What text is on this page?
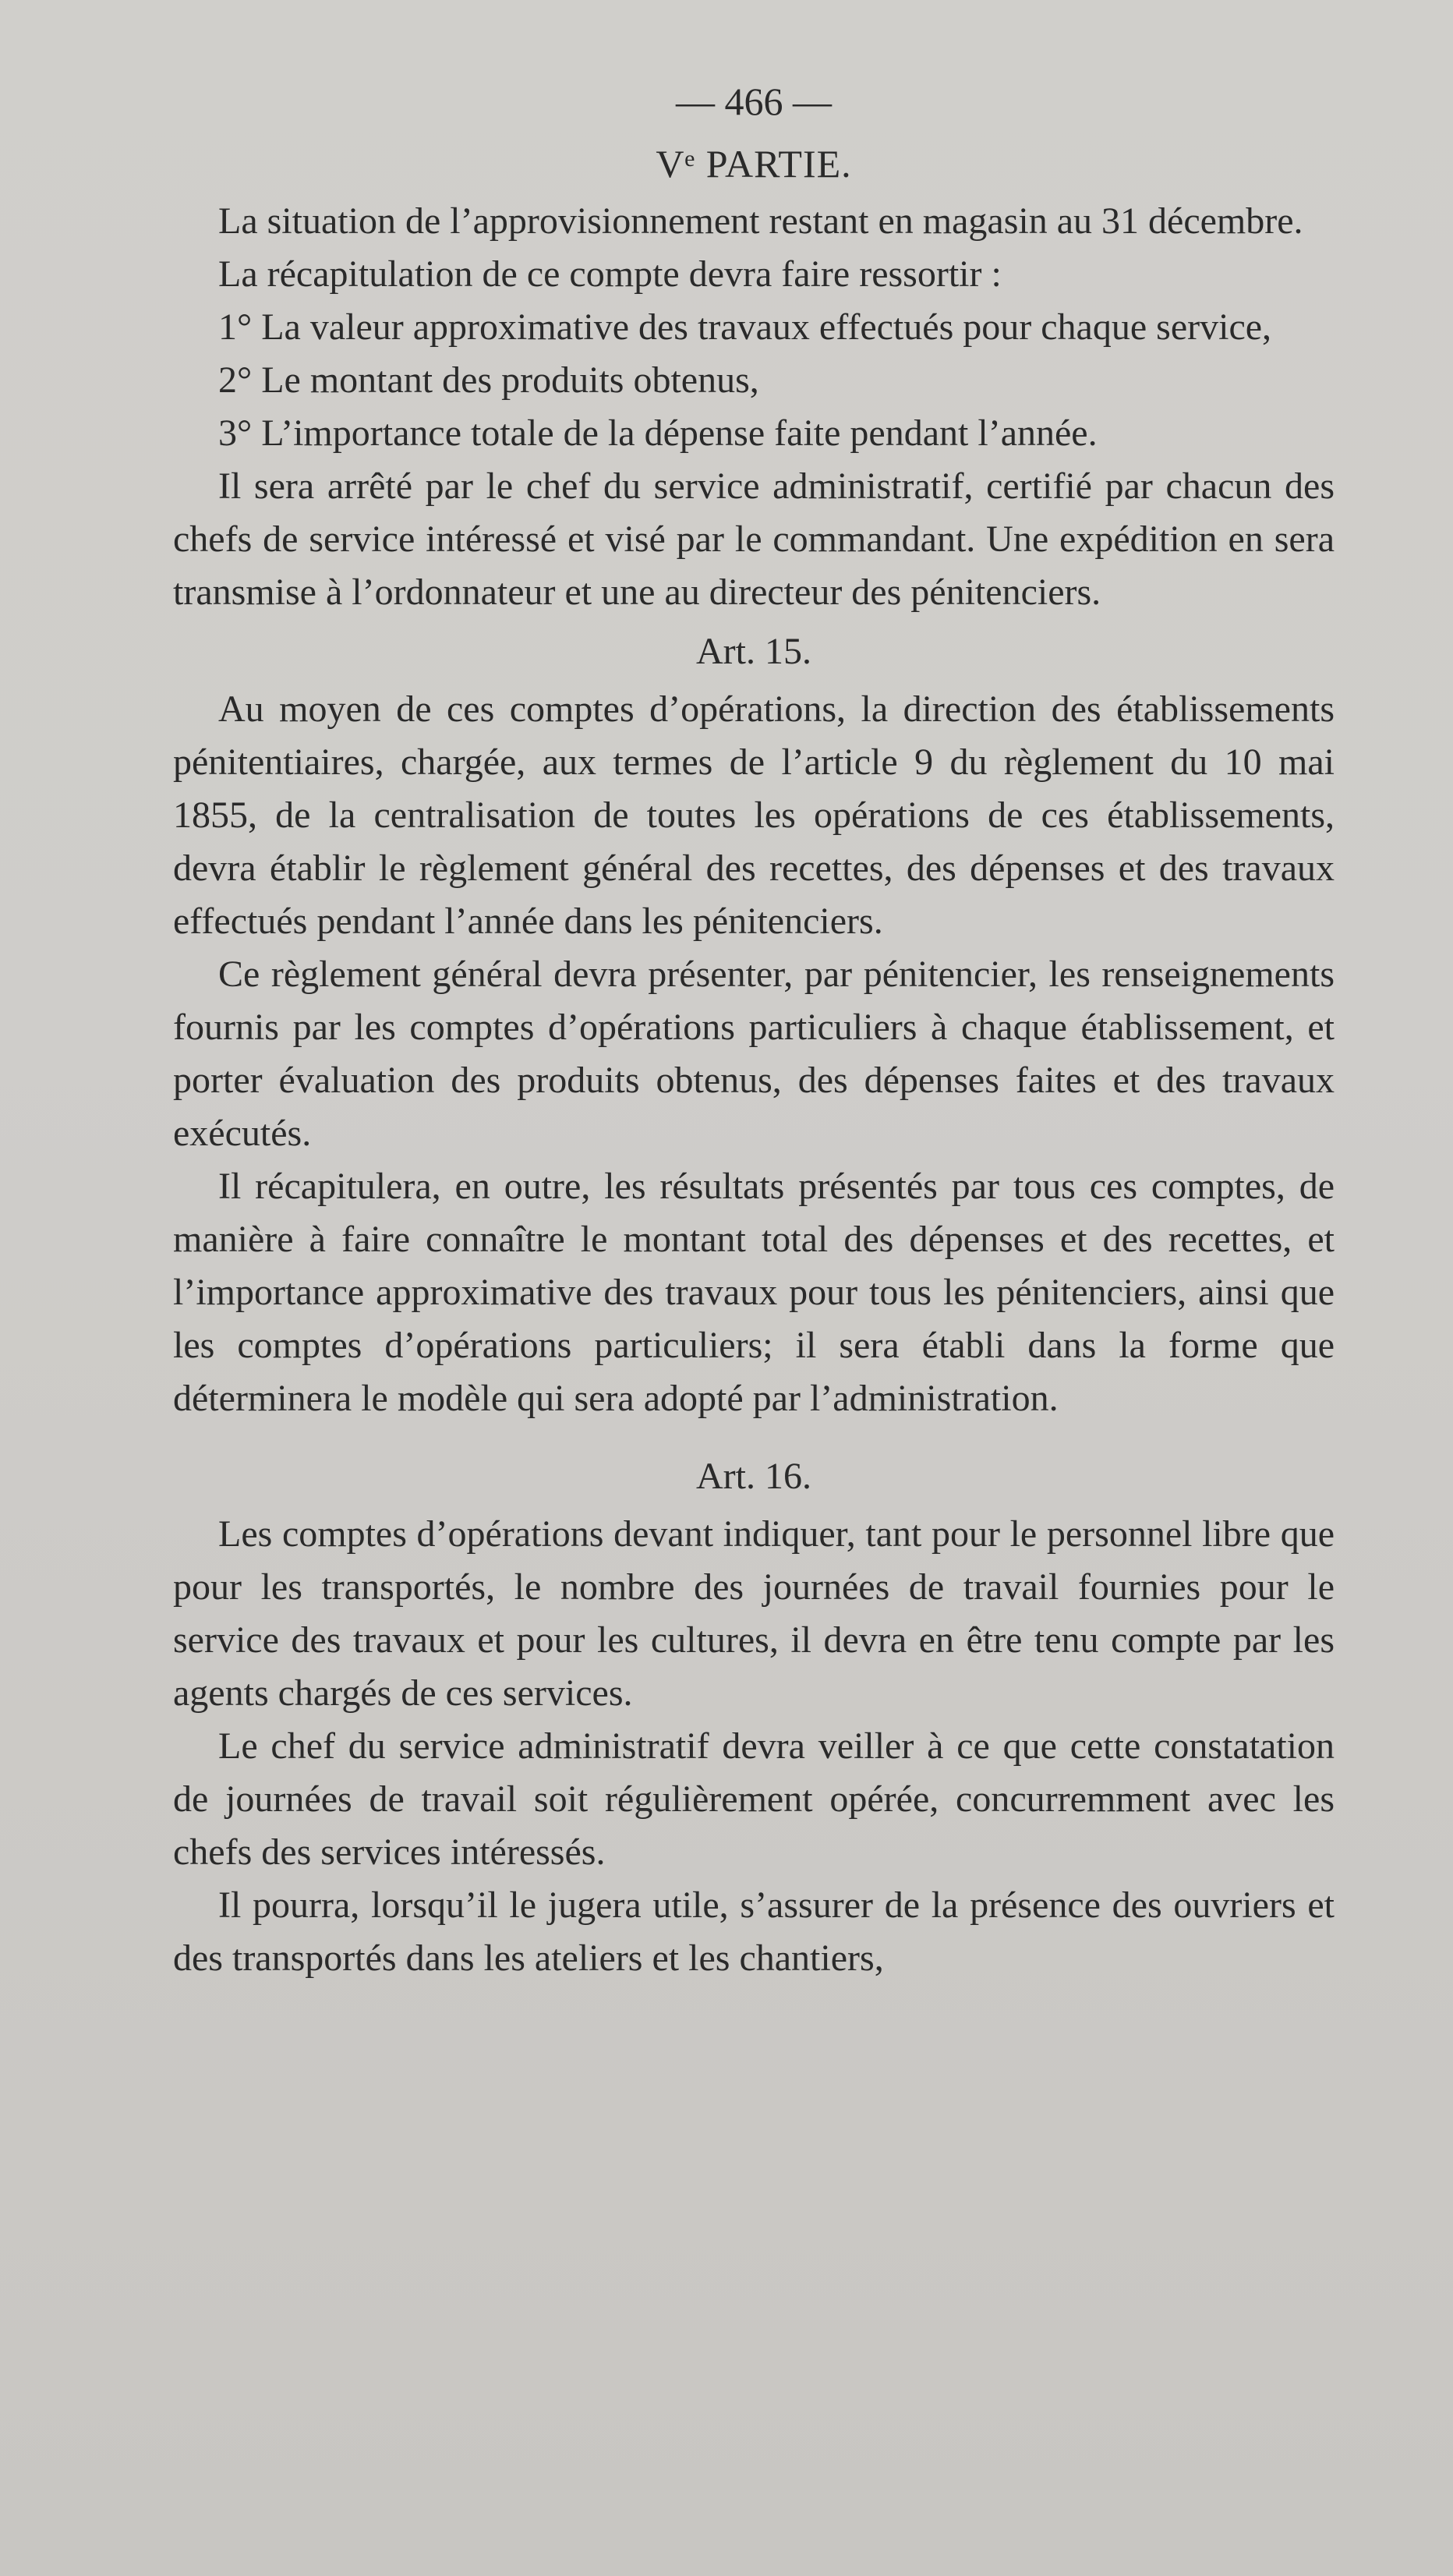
— 466 —
Vᵉ PARTIE.

La situation de l’approvisionnement restant en magasin au 31 décembre.

La récapitulation de ce compte devra faire ressortir :

1° La valeur approximative des travaux effectués pour chaque service,

2° Le montant des produits obtenus,

3° L’importance totale de la dépense faite pendant l’année.

Il sera arrêté par le chef du service administratif, certifié par chacun des chefs de service intéressé et visé par le commandant. Une expédition en sera transmise à l’ordonnateur et une au directeur des pénitenciers.

Art. 15.

Au moyen de ces comptes d’opérations, la direction des établissements pénitentiaires, chargée, aux termes de l’article 9 du règlement du 10 mai 1855, de la centralisation de toutes les opérations de ces établissements, devra établir le règlement général des recettes, des dépenses et des travaux effectués pendant l’année dans les pénitenciers.

Ce règlement général devra présenter, par pénitencier, les renseignements fournis par les comptes d’opérations particuliers à chaque établissement, et porter évaluation des produits obtenus, des dépenses faites et des travaux exécutés.

Il récapitulera, en outre, les résultats présentés par tous ces comptes, de manière à faire connaître le montant total des dépenses et des recettes, et l’importance approximative des travaux pour tous les pénitenciers, ainsi que les comptes d’opérations particuliers; il sera établi dans la forme que déterminera le modèle qui sera adopté par l’administration.

Art. 16.

Les comptes d’opérations devant indiquer, tant pour le personnel libre que pour les transportés, le nombre des journées de travail fournies pour le service des travaux et pour les cultures, il devra en être tenu compte par les agents chargés de ces services.

Le chef du service administratif devra veiller à ce que cette constatation de journées de travail soit régulièrement opérée, concurremment avec les chefs des services intéressés.

Il pourra, lorsqu’il le jugera utile, s’assurer de la présence des ouvriers et des transportés dans les ateliers et les chantiers,
